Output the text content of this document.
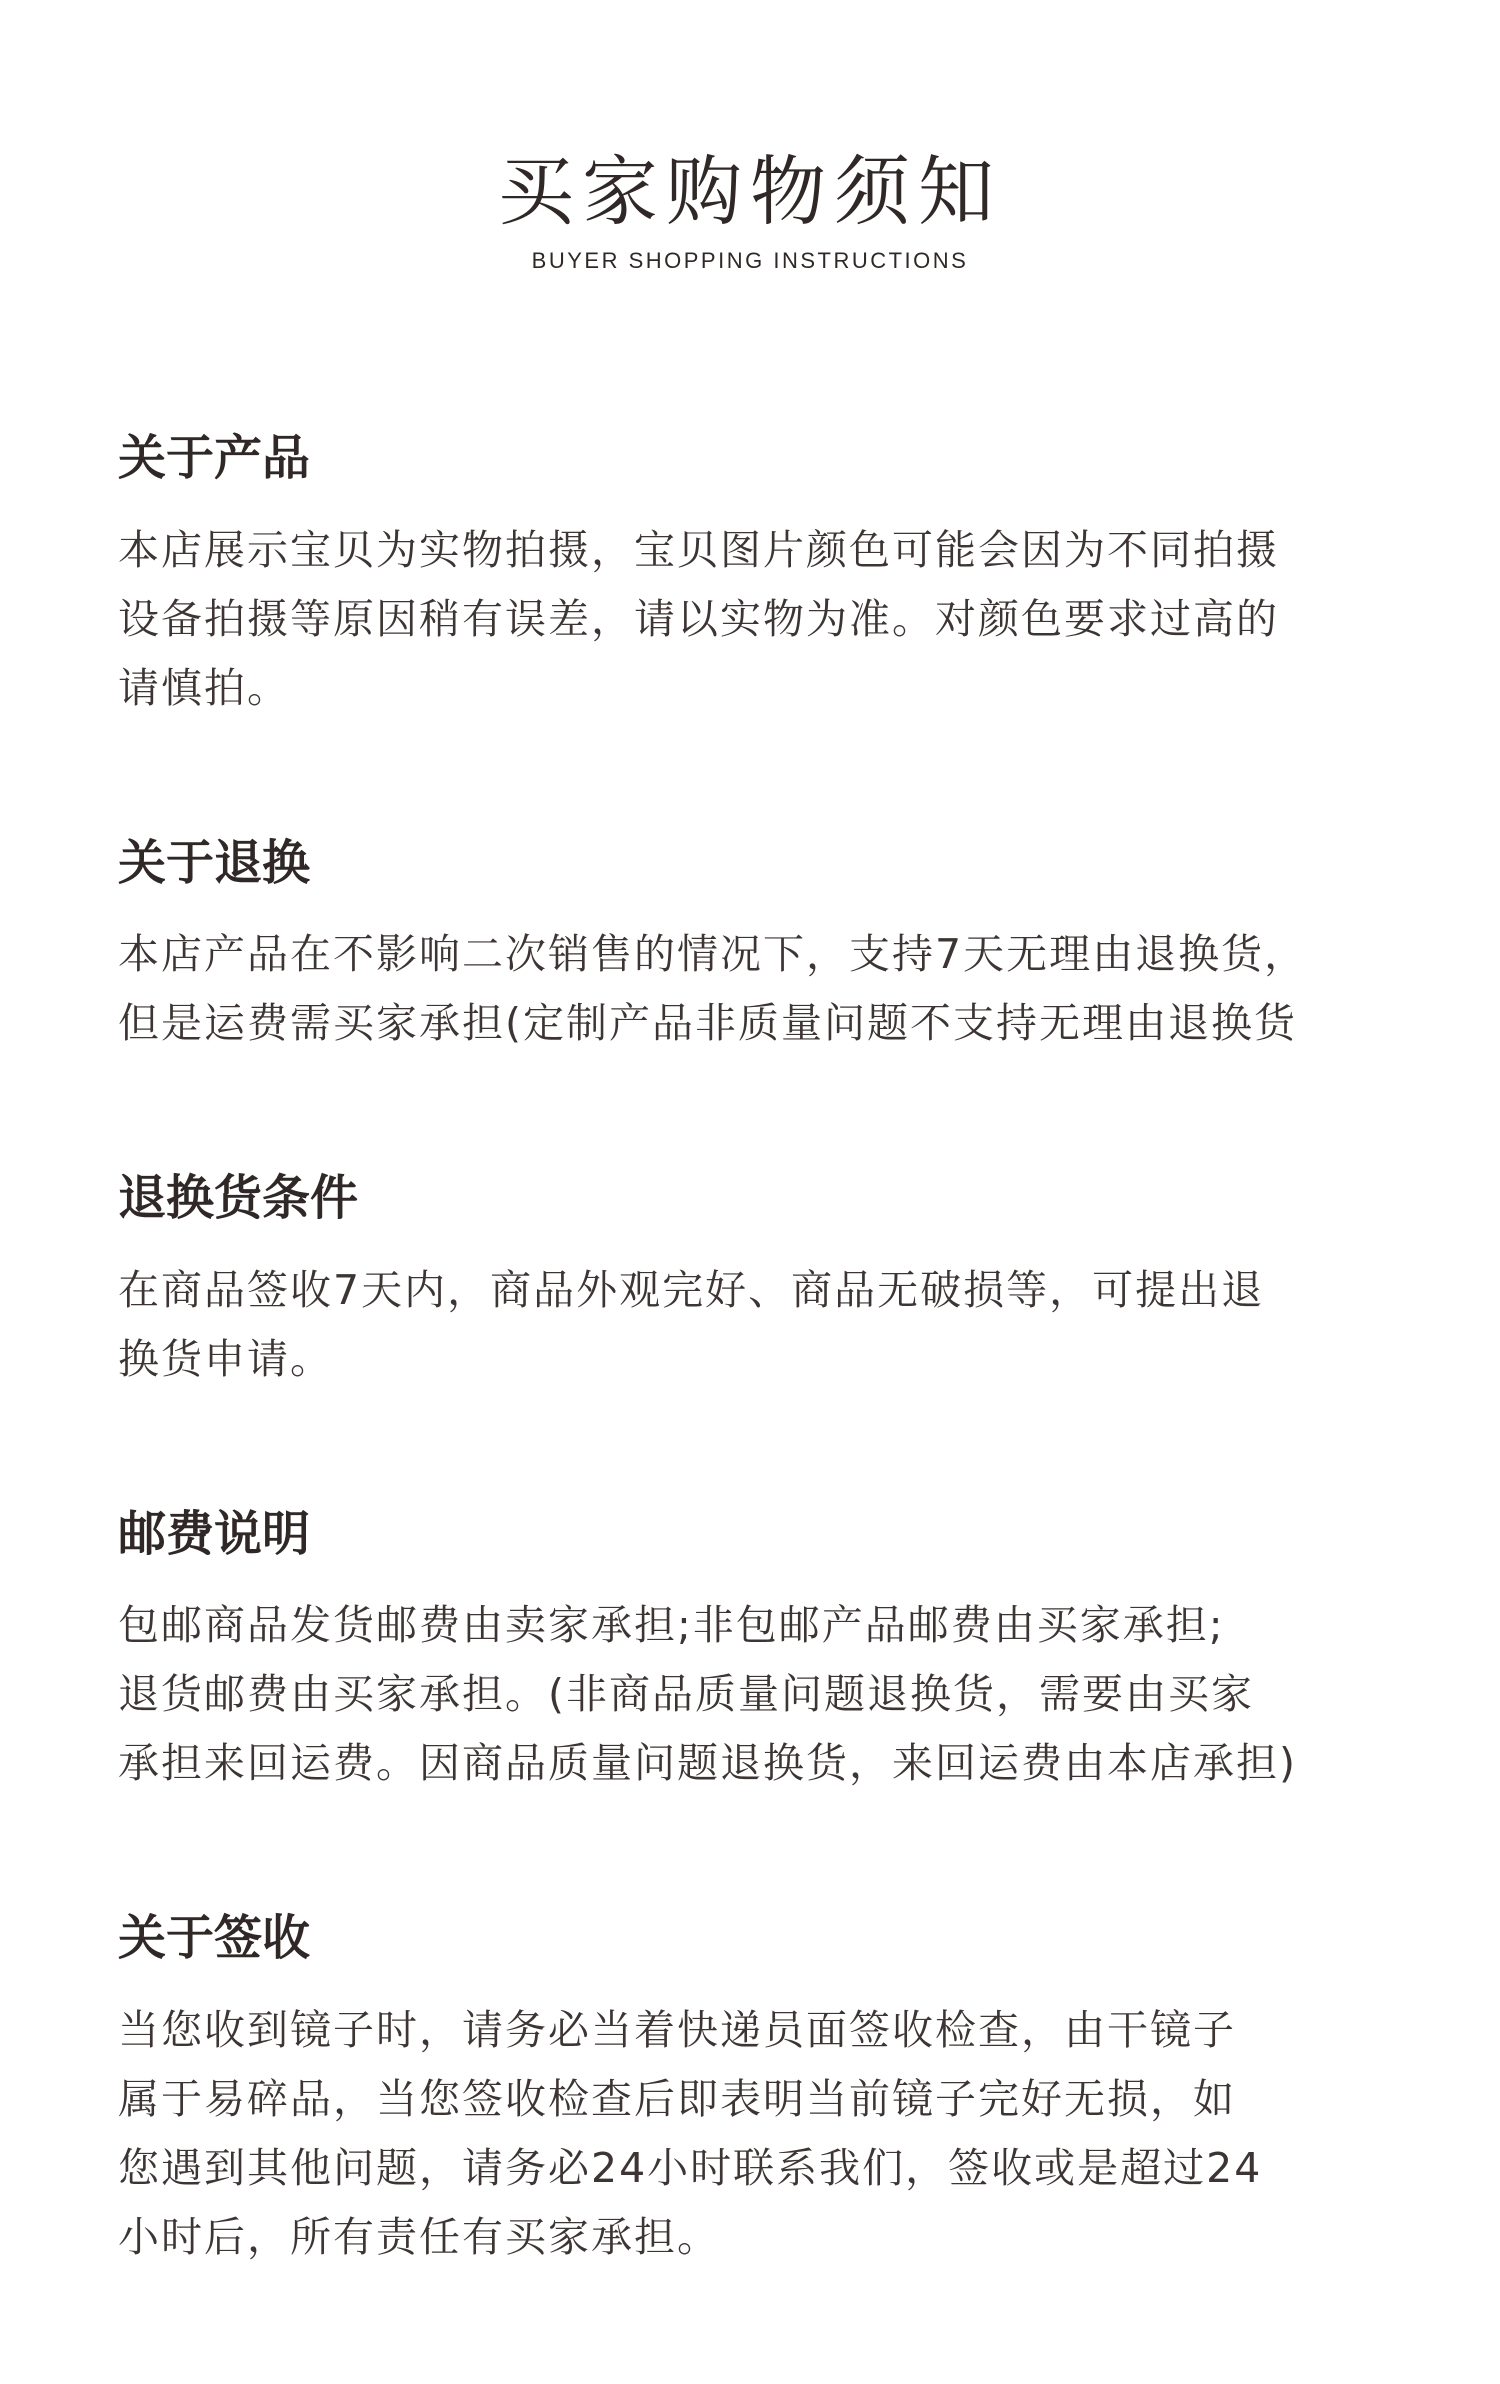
买家购物须知
BUYER SHOPPING INSTRUCTIONS
关于产品
本店展示宝贝为实物拍摄，宝贝图片颜色可能会因为不同拍摄
设备拍摄等原因稍有误差，请以实物为准。对颜色要求过高的
请慎拍。
关于退换
本店产品在不影响二次销售的情况下，支持7天无理由退换货，
但是运费需买家承担(定制产品非质量问题不支持无理由退换货
退换货条件
在商品签收7天内，商品外观完好、商品无破损等，可提出退
换货申请。
邮费说明
包邮商品发货邮费由卖家承担;非包邮产品邮费由买家承担;
退货邮费由买家承担。(非商品质量问题退换货，需要由买家
承担来回运费。因商品质量问题退换货，来回运费由本店承担)
关于签收
当您收到镜子时，请务必当着快递员面签收检查，由干镜子
属于易碎品，当您签收检查后即表明当前镜子完好无损，如
您遇到其他问题，请务必24小时联系我们，签收或是超过24
小时后，所有责任有买家承担。
